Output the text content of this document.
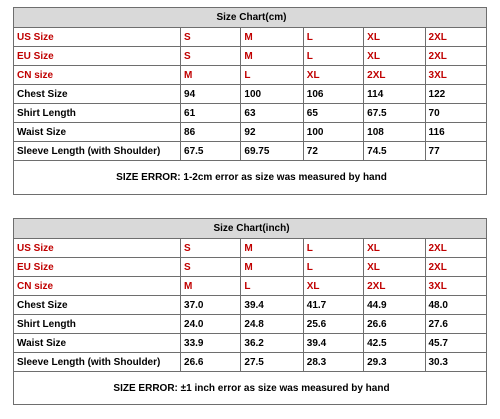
Size Chart(cm)					
US Size	S	M	L	XL	2XL
EU Size	S	M	L	XL	2XL
CN size	M	L	XL	2XL	3XL
Chest Size	94	100	106	114	122
Shirt Length	61	63	65	67.5	70
Waist Size	86	92	100	108	116
Sleeve Length (with Shoulder)	67.5	69.75	72	74.5	77
SIZE ERROR: 1-2cm error as size was measured by hand					
Size Chart(inch)					
US Size	S	M	L	XL	2XL
EU Size	S	M	L	XL	2XL
CN size	M	L	XL	2XL	3XL
Chest Size	37.0	39.4	41.7	44.9	48.0
Shirt Length	24.0	24.8	25.6	26.6	27.6
Waist Size	33.9	36.2	39.4	42.5	45.7
Sleeve Length (with Shoulder)	26.6	27.5	28.3	29.3	30.3
SIZE ERROR: ±1 inch error as size was measured by hand					
